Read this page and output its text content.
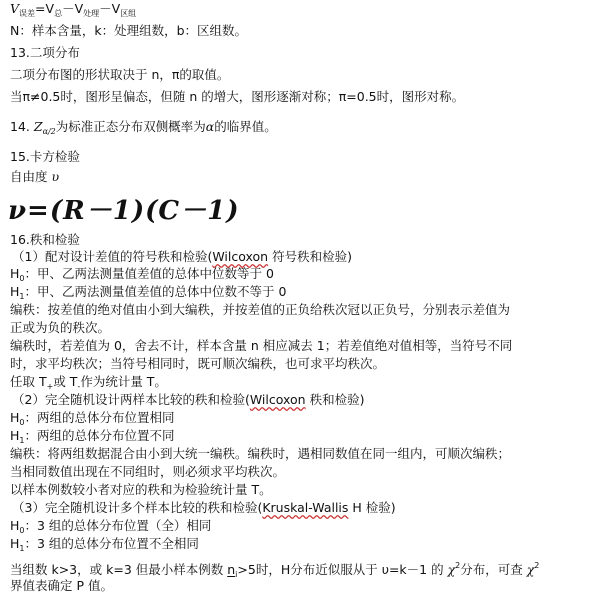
$V_{误差}=V_总-V_{处理}-V_{区组}$
N：样本含量，k：处理组数，b：区组数。
13.二项分布
二项分布图的形状取决于 n，π的取值。
当π≠0.5时，图形呈偏态，但随 n 的增大，图形逐渐对称；π=0.5时，图形对称。
14. $Z_{\alpha/2}$为标准正态分布双侧概率为α的临界值。
15.卡方检验
自由度 υ
ν=(R－1)(C－1)
16.秩和检验
（1）配对设计差值的符号秩和检验(Wilcoxon 符号秩和检验)
$H_0$：甲、乙两法测量值差值的总体中位数等于 0
$H_1$：甲、乙两法测量值差值的总体中位数不等于 0
编秩：按差值的绝对值由小到大编秩，并按差值的正负给秩次冠以正负号，分别表示差值为
正或为负的秩次。
编秩时，若差值为 0，舍去不计，样本含量 n 相应减去 1；若差值绝对值相等，当符号不同
时，求平均秩次；当符号相同时，既可顺次编秩，也可求平均秩次。
任取 $T_+$或 $T_-$作为统计量 T。
（2）完全随机设计两样本比较的秩和检验(Wilcoxon 秩和检验)
$H_0$：两组的总体分布位置相同
$H_1$：两组的总体分布位置不同
编秩：将两组数据混合由小到大统一编秩。编秩时，遇相同数值在同一组内，可顺次编秩；
当相同数值出现在不同组时，则必须求平均秩次。
以样本例数较小者对应的秩和为检验统计量 T。
（3）完全随机设计多个样本比较的秩和检验(Kruskal-Wallis H 检验)
$H_0$：3 组的总体分布位置（全）相同
$H_1$：3 组的总体分布位置不全相同
当组数 k>3，或 k=3 但最小样本例数 $n_i>5$时，H分布近似服从于 υ=k－1 的 $\chi^2$分布，可查 $\chi^2$
界值表确定 P 值。
